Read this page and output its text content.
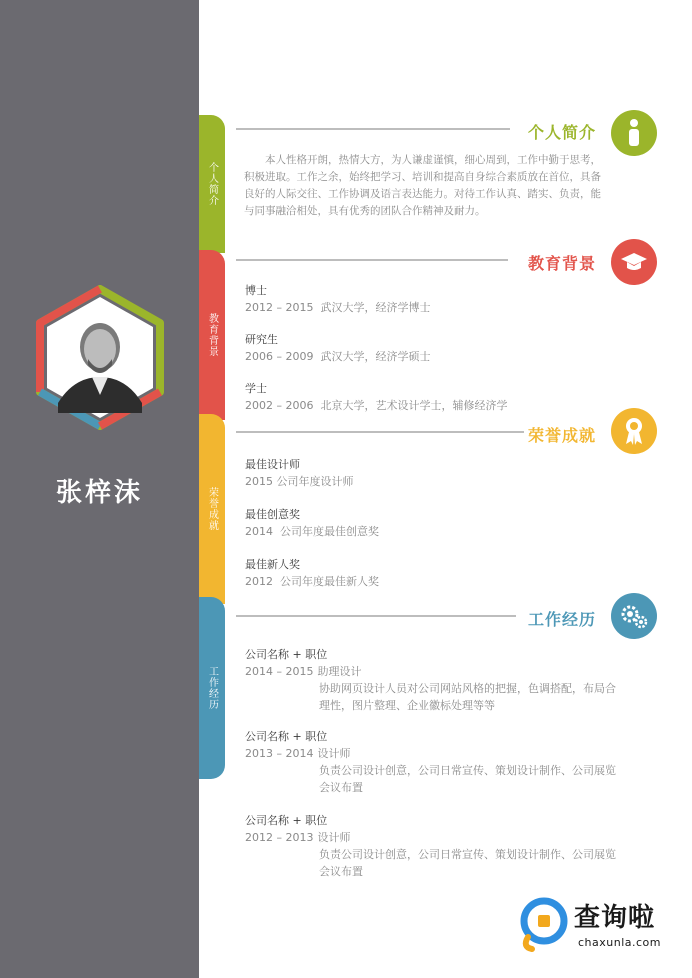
张梓沫
个人简介
教育背景
荣誉成就
工作经历
个人简介
本人性格开朗，热情大方，为人谦虚谨慎，细心周到，工作中勤于思考，积极进取。工作之余，始终把学习、培训和提高自身综合素质放在首位，具备良好的人际交往、工作协调及语言表达能力。对待工作认真、踏实、负责，能与同事融洽相处，具有优秀的团队合作精神及耐力。
教育背景
博士
2012 – 2015 武汉大学，经济学博士
研究生
2006 – 2009 武汉大学，经济学硕士
学士
2002 – 2006 北京大学，艺术设计学士，辅修经济学
荣誉成就
最佳设计师
2015 公司年度设计师
最佳创意奖
2014 公司年度最佳创意奖
最佳新人奖
2012 公司年度最佳新人奖
工作经历
公司名称 + 职位
2014 – 2015 助理设计
协助网页设计人员对公司网站风格的把握，色调搭配，布局合理性，图片整理、企业徽标处理等等
公司名称 + 职位
2013 – 2014 设计师
负责公司设计创意，公司日常宣传、策划设计制作、公司展览会议布置
公司名称 + 职位
2012 – 2013 设计师
负责公司设计创意，公司日常宣传、策划设计制作、公司展览会议布置
查询啦
chaxunla.com
